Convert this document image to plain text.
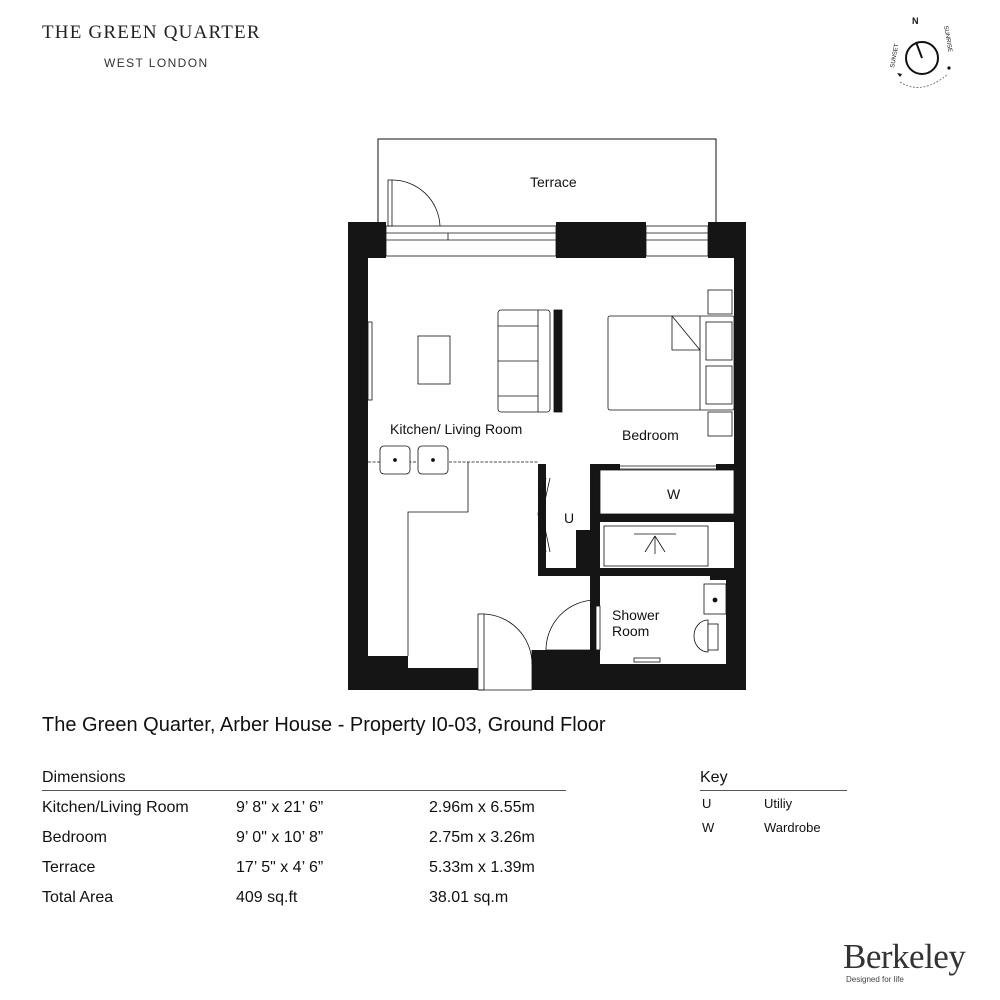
THE GREEN QUARTER
WEST LONDON
N
SUNSET
SUNRISE
Terrace
Kitchen/ Living Room	Bedroom
W
U
Shower
Room
The Green Quarter, Arber House - Property I0-03, Ground Floor
Dimensions
Kitchen/Living Room	9’ 8" x 21’ 6”	2.96m x 6.55m
Bedroom	9’ 0" x 10’ 8”	2.75m x 3.26m
Terrace	17’ 5" x 4’ 6”	5.33m x 1.39m
Total Area	409 sq.ft	38.01 sq.m
Key
U	Utiliy
W	Wardrobe
Berkeley
Designed for life
